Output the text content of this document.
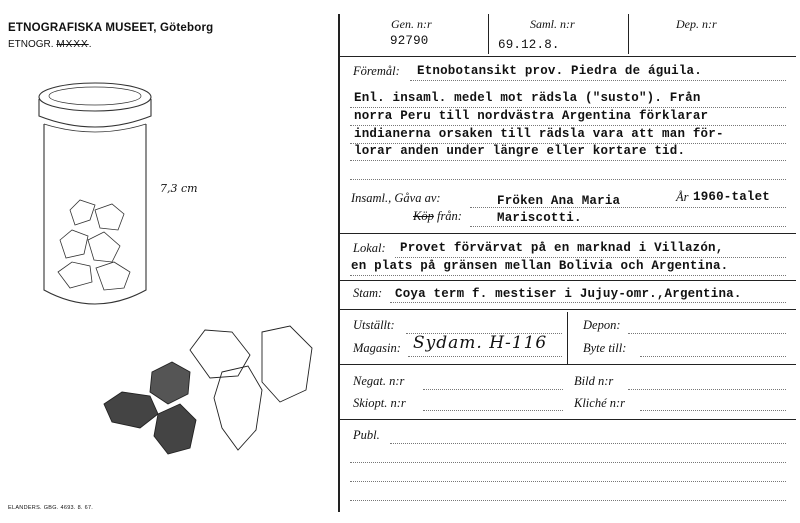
ETNOGRAFISKA MUSEET, Göteborg
ETNOGR. MXXX.
7,3 cm
ELANDERS. GBG. 4693. 8. 67.
Gen. n:r
92790
Saml. n:r
69.12.8.
Dep. n:r
Föremål: Etnobotansikt prov. Piedra de águila.
Enl. insaml. medel mot rädsla ("susto"). Från
norra Peru till nordvästra Argentina förklarar
indianerna orsaken till rädsla vara att man för-
lorar anden under längre eller kortare tid.
Insaml., Gåva av:	Fröken Ana Maria	År 1960-talet
Köp från:	Mariscotti.
Lokal: Provet förvärvat på en marknad i Villazón,
en plats på gränsen mellan Bolivia och Argentina.
Stam: Coya term f. mestiser i Jujuy-omr.,Argentina.
Utställt:	Depon:
Magasin: Sydam. H-116	Byte till:
Negat. n:r	Bild n:r
Skiopt. n:r	Kliché n:r
Publ.
